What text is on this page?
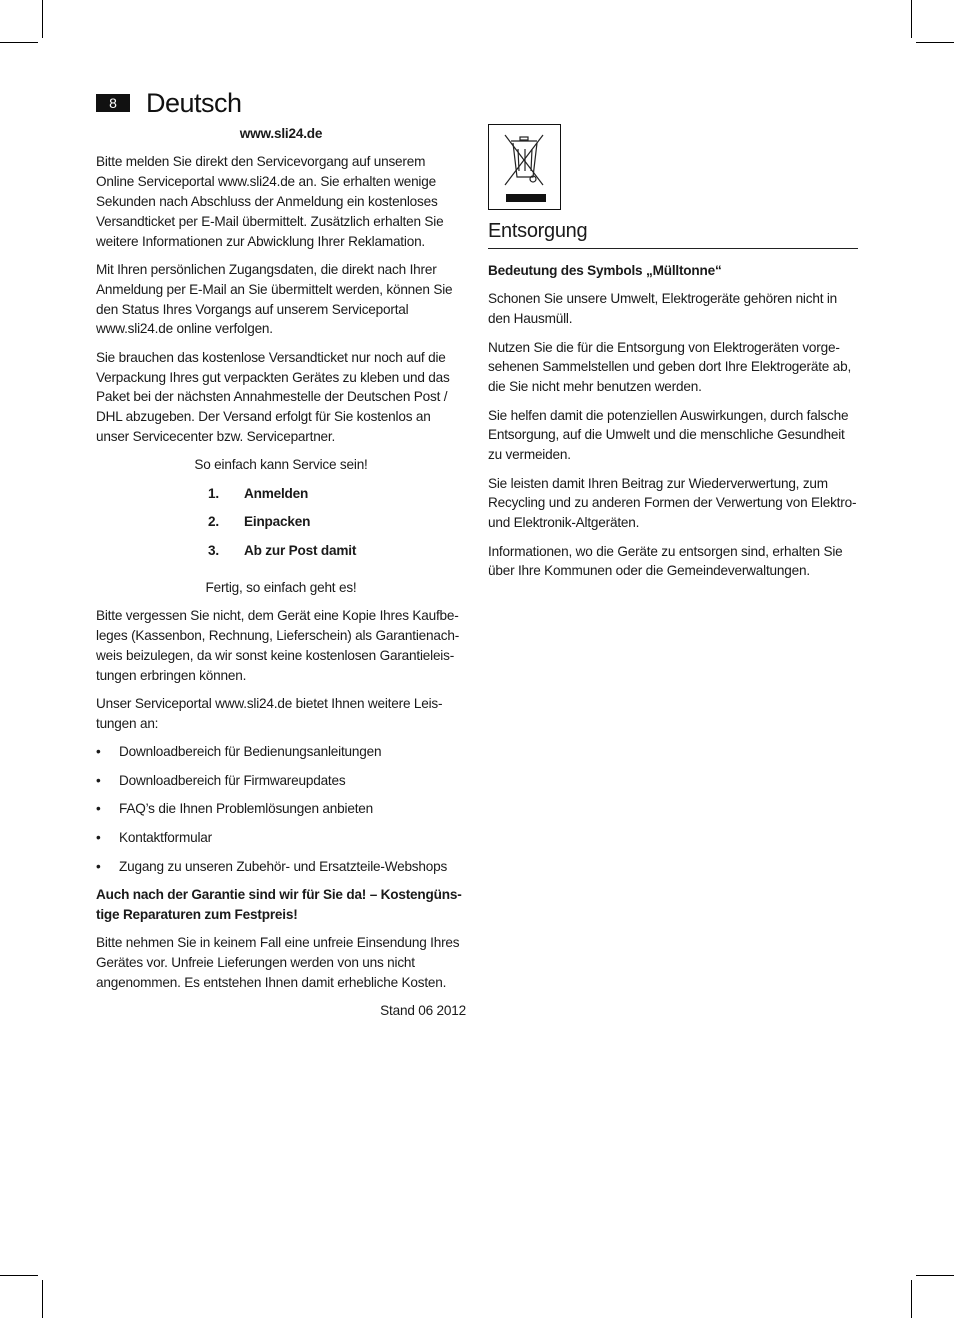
8	Deutsch

www.sli24.de

Bitte melden Sie direkt den Servicevorgang auf unserem Online Serviceportal www.sli24.de an. Sie erhalten wenige Sekunden nach Abschluss der Anmeldung ein kostenloses Versandticket per E-Mail übermittelt. Zusätzlich erhalten Sie weitere Informationen zur Abwicklung Ihrer Reklamation.

Mit Ihren persönlichen Zugangsdaten, die direkt nach Ihrer Anmeldung per E-Mail an Sie übermittelt werden, können Sie den Status Ihres Vorgangs auf unserem Serviceportal www.sli24.de online verfolgen.

Sie brauchen das kostenlose Versandticket nur noch auf die Verpackung Ihres gut verpackten Gerätes zu kleben und das Paket bei der nächsten Annahmestelle der Deutschen Post / DHL abzugeben. Der Versand erfolgt für Sie kostenlos an unser Servicecenter bzw. Servicepartner.

So einfach kann Service sein!

1.	Anmelden
2.	Einpacken
3.	Ab zur Post damit

Fertig, so einfach geht es!

Bitte vergessen Sie nicht, dem Gerät eine Kopie Ihres Kaufbeleges (Kassenbon, Rechnung, Lieferschein) als Garantienachweis beizulegen, da wir sonst keine kostenlosen Garantieleistungen erbringen können.

Unser Serviceportal www.sli24.de bietet Ihnen weitere Leistungen an:

•	Downloadbereich für Bedienungsanleitungen
•	Downloadbereich für Firmwareupdates
•	FAQ’s die Ihnen Problemlösungen anbieten
•	Kontaktformular
•	Zugang zu unseren Zubehör- und Ersatzteile-Webshops

Auch nach der Garantie sind wir für Sie da! – Kostengünstige Reparaturen zum Festpreis!

Bitte nehmen Sie in keinem Fall eine unfreie Einsendung Ihres Gerätes vor. Unfreie Lieferungen werden von uns nicht angenommen. Es entstehen Ihnen damit erhebliche Kosten.

Stand 06 2012

Entsorgung

Bedeutung des Symbols „Mülltonne“

Schonen Sie unsere Umwelt, Elektrogeräte gehören nicht in den Hausmüll.

Nutzen Sie die für die Entsorgung von Elektrogeräten vorgesehenen Sammelstellen und geben dort Ihre Elektrogeräte ab, die Sie nicht mehr benutzen werden.

Sie helfen damit die potenziellen Auswirkungen, durch falsche Entsorgung, auf die Umwelt und die menschliche Gesundheit zu vermeiden.

Sie leisten damit Ihren Beitrag zur Wiederverwertung, zum Recycling und zu anderen Formen der Verwertung von Elektro- und Elektronik-Altgeräten.

Informationen, wo die Geräte zu entsorgen sind, erhalten Sie über Ihre Kommunen oder die Gemeindeverwaltungen.
